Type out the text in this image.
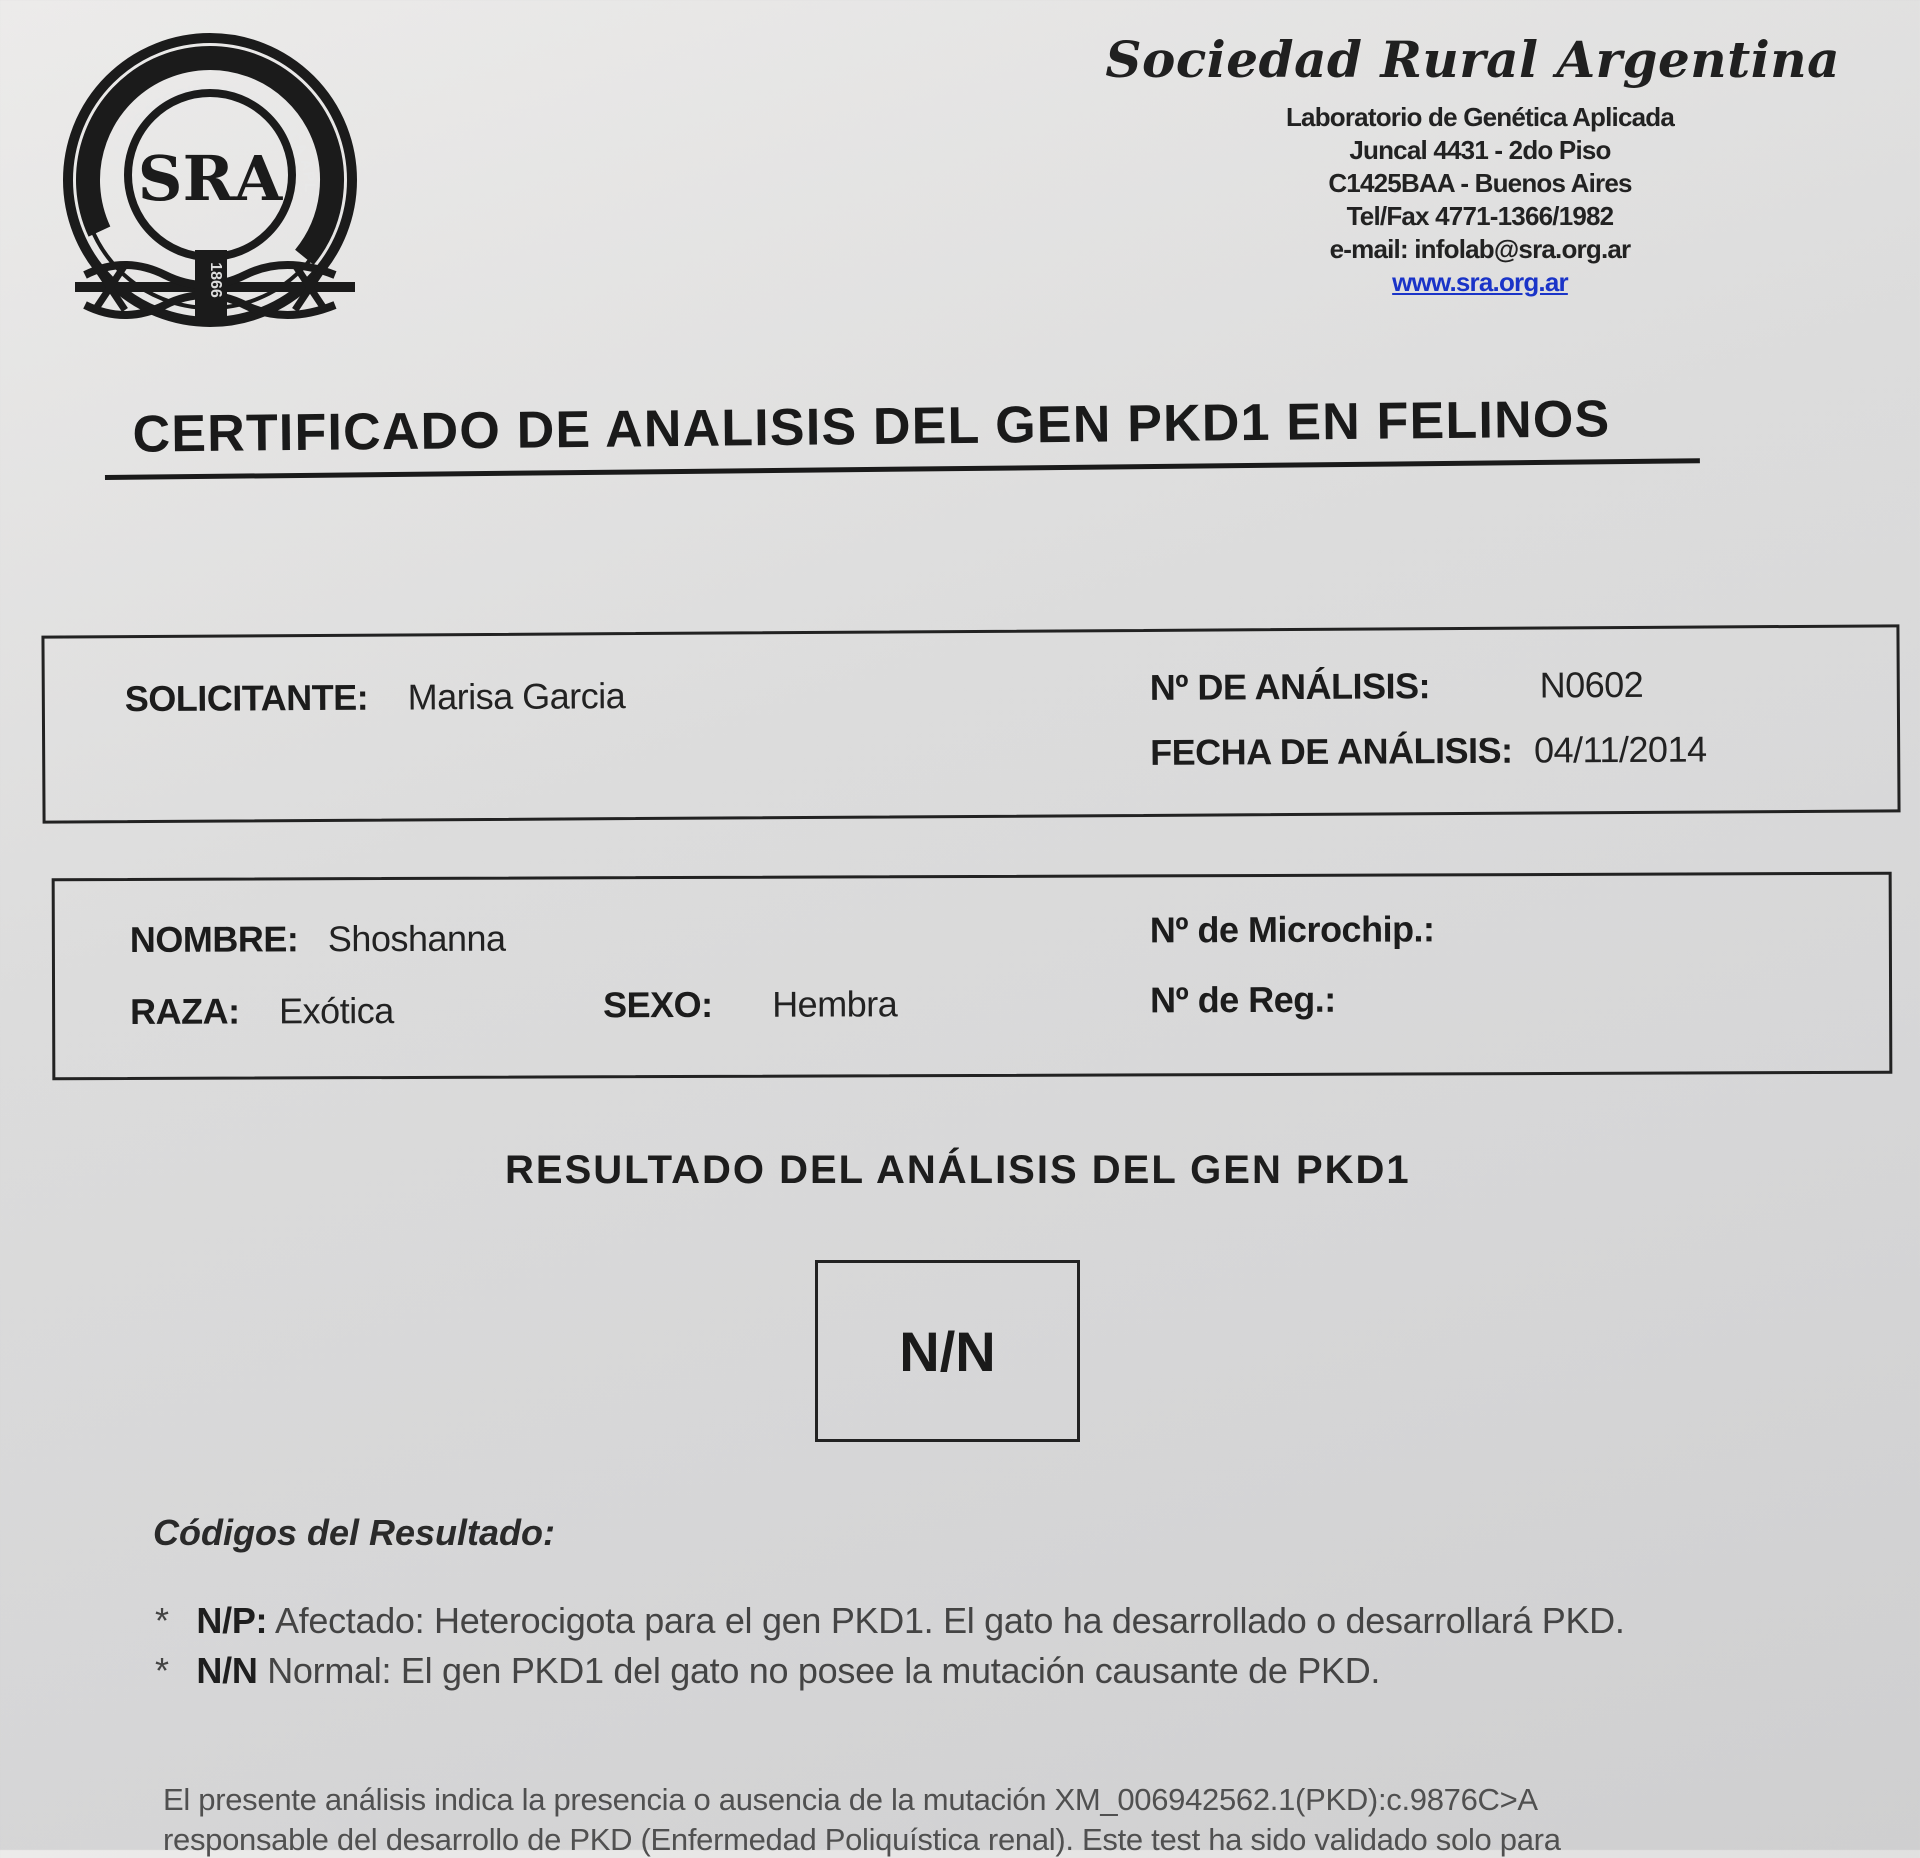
LABORATORIO DE GENÉTICA APL
SRA
1866
Sociedad Rural Argentina
Laboratorio de Genética Aplicada
Juncal 4431 - 2do Piso
C1425BAA - Buenos Aires
Tel/Fax 4771-1366/1982
e-mail: infolab@sra.org.ar
www.sra.org.ar
CERTIFICADO DE ANALISIS DEL GEN PKD1 EN FELINOS
SOLICITANTE: Marisa Garcia	Nº DE ANÁLISIS:	N0602
FECHA DE ANÁLISIS: 04/11/2014
NOMBRE: Shoshanna
RAZA: Exótica	SEXO: Hembra
Nº de Microchip.:
Nº de Reg.:
RESULTADO DEL ANÁLISIS DEL GEN PKD1
N/N
Códigos del Resultado:
* N/P: Afectado: Heterocigota para el gen PKD1. El gato ha desarrollado o desarrollará PKD.
* N/N Normal: El gen PKD1 del gato no posee la mutación causante de PKD.
El presente análisis indica la presencia o ausencia de la mutación XM_006942562.1(PKD):c.9876C>A
responsable del desarrollo de PKD (Enfermedad Poliquística renal). Este test ha sido validado solo para
